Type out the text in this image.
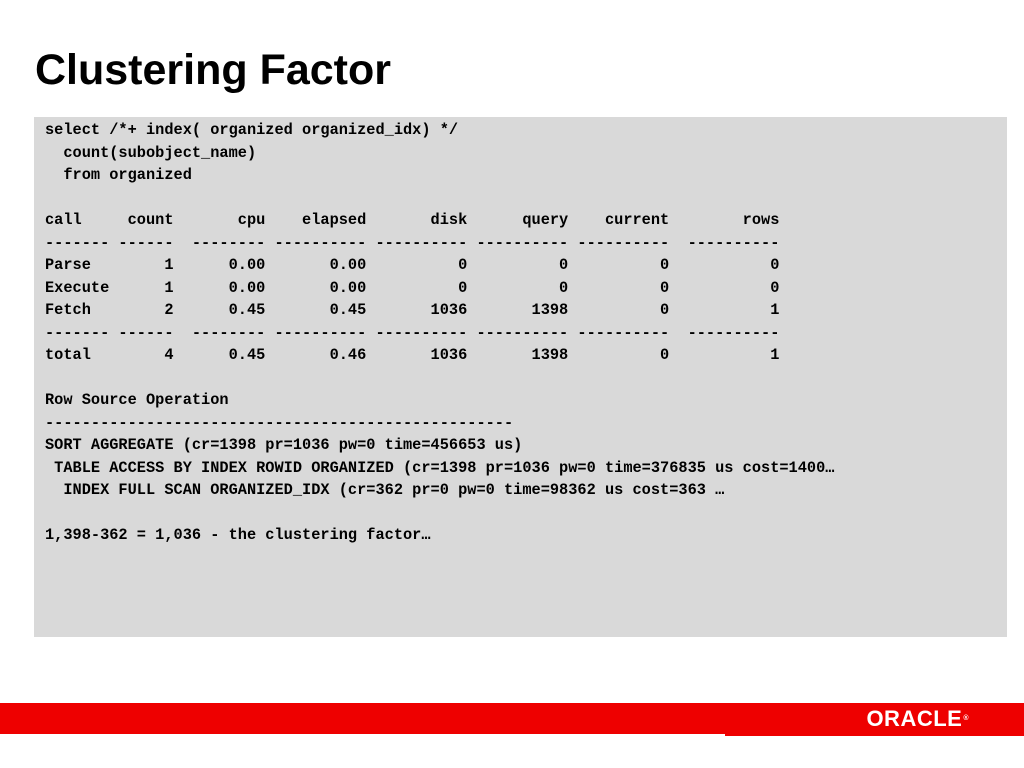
Clustering Factor
select /*+ index( organized organized_idx) */
count(subobject_name)
from organized

call     count       cpu    elapsed       disk      query    current        rows
------- ------  -------- ---------- ---------- ---------- ----------  ----------
Parse        1      0.00       0.00          0          0          0           0
Execute      1      0.00       0.00          0          0          0           0
Fetch        2      0.45       0.45       1036       1398          0           1
------- ------  -------- ---------- ---------- ---------- ----------  ----------
total        4      0.45       0.46       1036       1398          0           1

Row Source Operation
---------------------------------------------------
SORT AGGREGATE (cr=1398 pr=1036 pw=0 time=456653 us)
TABLE ACCESS BY INDEX ROWID ORGANIZED (cr=1398 pr=1036 pw=0 time=376835 us cost=1400…
INDEX FULL SCAN ORGANIZED_IDX (cr=362 pr=0 pw=0 time=98362 us cost=363 …

1,398-362 = 1,036 - the clustering factor…
ORACLE®
